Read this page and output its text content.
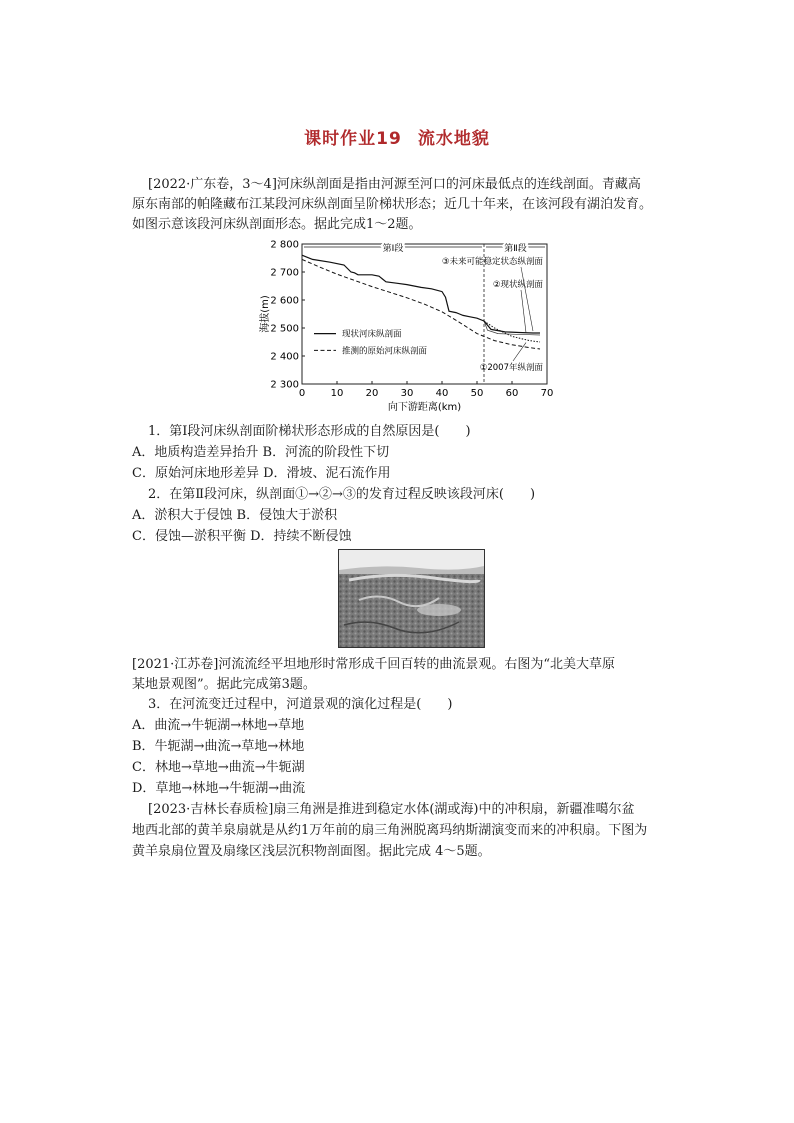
课时作业19 流水地貌
[2022·广东卷，3～4]河床纵剖面是指由河源至河口的河床最低点的连线剖面。青藏高
原东南部的帕隆藏布江某段河床纵剖面呈阶梯状形态；近几十年来，在该河段有湖泊发育。
如图示意该段河床纵剖面形态。据此完成1～2题。
0	10 20 30 40 50 60 70
2 300
2 400
2 500
2 600
2 700
2 800
向下游距离(km)
海拔(m)
第Ⅰ段	第Ⅱ段
③未来可能稳定状态纵剖面
②现状纵剖面
①2007年纵剖面
现状河床纵剖面
推测的原始河床纵剖面
1．第Ⅰ段河床纵剖面阶梯状形态形成的自然原因是(　　)
A．地质构造差异抬升 B．河流的阶段性下切
C．原始河床地形差异 D．滑坡、泥石流作用
2．在第Ⅱ段河床，纵剖面①→②→③的发育过程反映该段河床(　　)
A．淤积大于侵蚀 B．侵蚀大于淤积
C．侵蚀—淤积平衡 D．持续不断侵蚀
[2021·江苏卷]河流流经平坦地形时常形成千回百转的曲流景观。右图为“北美大草原
某地景观图”。据此完成第3题。
3．在河流变迁过程中，河道景观的演化过程是(　　)
A．曲流→牛轭湖→林地→草地
B．牛轭湖→曲流→草地→林地
C．林地→草地→曲流→牛轭湖
D．草地→林地→牛轭湖→曲流
[2023·吉林长春质检]扇三角洲是推进到稳定水体(湖或海)中的冲积扇，新疆准噶尔盆
地西北部的黄羊泉扇就是从约1万年前的扇三角洲脱离玛纳斯湖演变而来的冲积扇。下图为
黄羊泉扇位置及扇缘区浅层沉积物剖面图。据此完成 4～5题。
